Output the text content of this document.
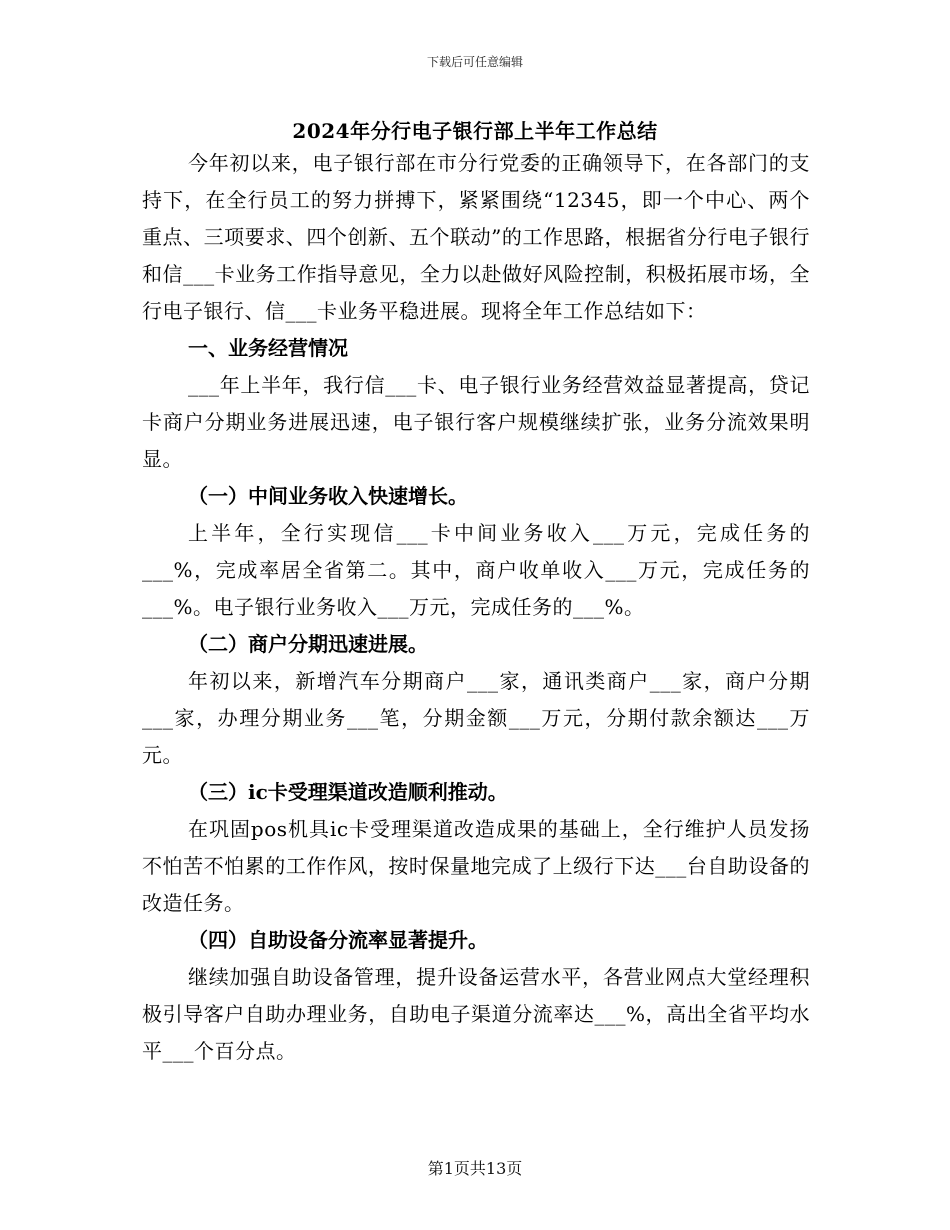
下载后可任意编辑
2024年分行电子银行部上半年工作总结

今年初以来，电子银行部在市分行党委的正确领导下，在各部门的支持下，在全行员工的努力拼搏下，紧紧围绕“12345，即一个中心、两个重点、三项要求、四个创新、五个联动”的工作思路，根据省分行电子银行和信___卡业务工作指导意见，全力以赴做好风险控制，积极拓展市场，全行电子银行、信___卡业务平稳进展。现将全年工作总结如下：

一、业务经营情况

___年上半年，我行信___卡、电子银行业务经营效益显著提高，贷记卡商户分期业务进展迅速，电子银行客户规模继续扩张，业务分流效果明显。

（一）中间业务收入快速增长。

上半年，全行实现信___卡中间业务收入___万元，完成任务的___%，完成率居全省第二。其中，商户收单收入___万元，完成任务的___%。电子银行业务收入___万元，完成任务的___%。

（二）商户分期迅速进展。

年初以来，新增汽车分期商户___家，通讯类商户___家，商户分期___家，办理分期业务___笔，分期金额___万元，分期付款余额达___万元。

（三）ic卡受理渠道改造顺利推动。

在巩固pos机具ic卡受理渠道改造成果的基础上，全行维护人员发扬不怕苦不怕累的工作作风，按时保量地完成了上级行下达___台自助设备的改造任务。

（四）自助设备分流率显著提升。

继续加强自助设备管理，提升设备运营水平，各营业网点大堂经理积极引导客户自助办理业务，自助电子渠道分流率达___%，高出全省平均水平___个百分点。

第1页共13页
